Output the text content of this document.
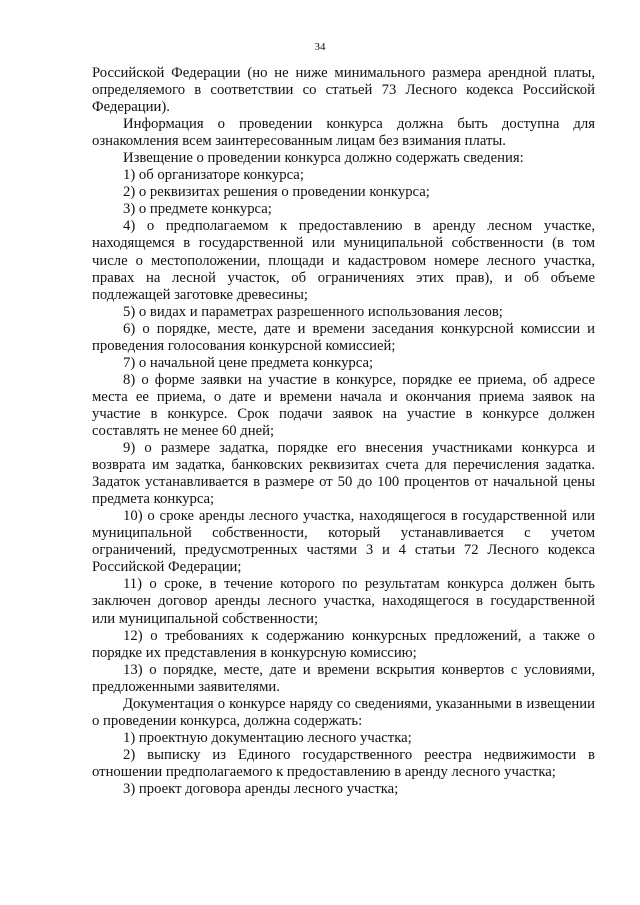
34

Российской Федерации (но не ниже минимального размера арендной платы, определяемого в соответствии со статьей 73 Лесного кодекса Российской Федерации).

Информация о проведении конкурса должна быть доступна для ознакомления всем заинтересованным лицам без взимания платы.

Извещение о проведении конкурса должно содержать сведения:

1) об организаторе конкурса;

2) о реквизитах решения о проведении конкурса;

3) о предмете конкурса;

4) о предполагаемом к предоставлению в аренду лесном участке, находящемся в государственной или муниципальной собственности (в том числе о местоположении, площади и кадастровом номере лесного участка, правах на лесной участок, об ограничениях этих прав), и об объеме подлежащей заготовке древесины;

5) о видах и параметрах разрешенного использования лесов;

6) о порядке, месте, дате и времени заседания конкурсной комиссии и проведения голосования конкурсной комиссией;

7) о начальной цене предмета конкурса;

8) о форме заявки на участие в конкурсе, порядке ее приема, об адресе места ее приема, о дате и времени начала и окончания приема заявок на участие в конкурсе. Срок подачи заявок на участие в конкурсе должен составлять не менее 60 дней;

9) о размере задатка, порядке его внесения участниками конкурса и возврата им задатка, банковских реквизитах счета для перечисления задатка. Задаток устанавливается в размере от 50 до 100 процентов от начальной цены предмета конкурса;

10) о сроке аренды лесного участка, находящегося в государственной или муниципальной собственности, который устанавливается с учетом ограничений, предусмотренных частями 3 и 4 статьи 72 Лесного кодекса Российской Федерации;

11) о сроке, в течение которого по результатам конкурса должен быть заключен договор аренды лесного участка, находящегося в государственной или муниципальной собственности;

12) о требованиях к содержанию конкурсных предложений, а также о порядке их представления в конкурсную комиссию;

13) о порядке, месте, дате и времени вскрытия конвертов с условиями, предложенными заявителями.

Документация о конкурсе наряду со сведениями, указанными в извещении о проведении конкурса, должна содержать:

1) проектную документацию лесного участка;

2) выписку из Единого государственного реестра недвижимости в отношении предполагаемого к предоставлению в аренду лесного участка;

3) проект договора аренды лесного участка;
